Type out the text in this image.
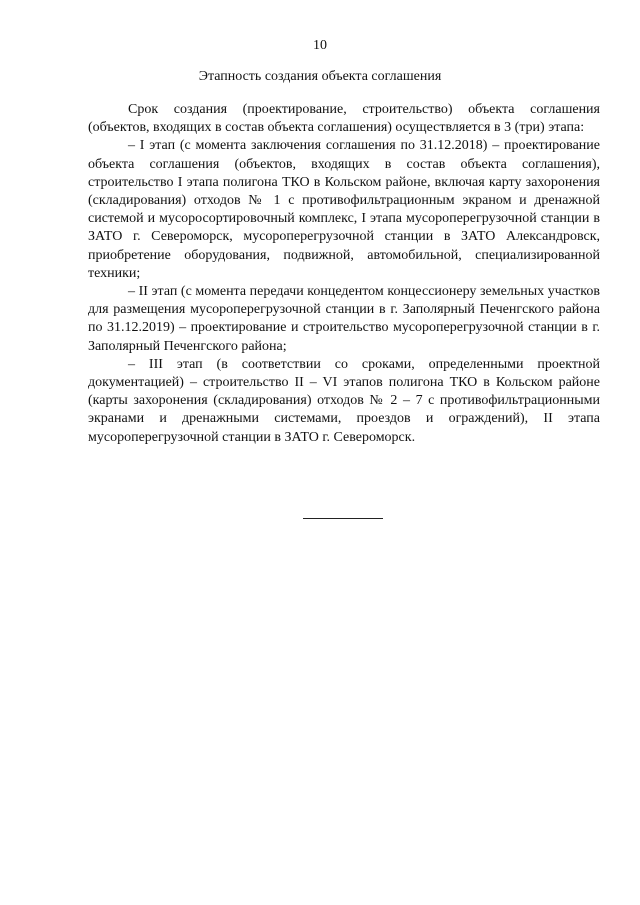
10
Этапность создания объекта соглашения

Срок создания (проектирование, строительство) объекта соглашения (объектов, входящих в состав объекта соглашения) осуществляется в 3 (три) этапа:

– I этап (с момента заключения соглашения по 31.12.2018) – проектирование объекта соглашения (объектов, входящих в состав объекта соглашения), строительство I этапа полигона ТКО в Кольском районе, включая карту захоронения (складирования) отходов № 1 с противофильтрационным экраном и дренажной системой и мусоросортировочный комплекс, I этапа мусороперегрузочной станции в ЗАТО г. Североморск, мусороперегрузочной станции в ЗАТО Александровск, приобретение оборудования, подвижной, автомобильной, специализированной техники;

– II этап (с момента передачи концедентом концессионеру земельных участков для размещения мусороперегрузочной станции в г. Заполярный Печенгского района по 31.12.2019) – проектирование и строительство мусороперегрузочной станции в г. Заполярный Печенгского района;

– III этап (в соответствии со сроками, определенными проектной документацией) – строительство II – VI этапов полигона ТКО в Кольском районе (карты захоронения (складирования) отходов № 2 – 7 с противофильтрационными экранами и дренажными системами, проездов и ограждений), II этапа мусороперегрузочной станции в ЗАТО г. Североморск.
